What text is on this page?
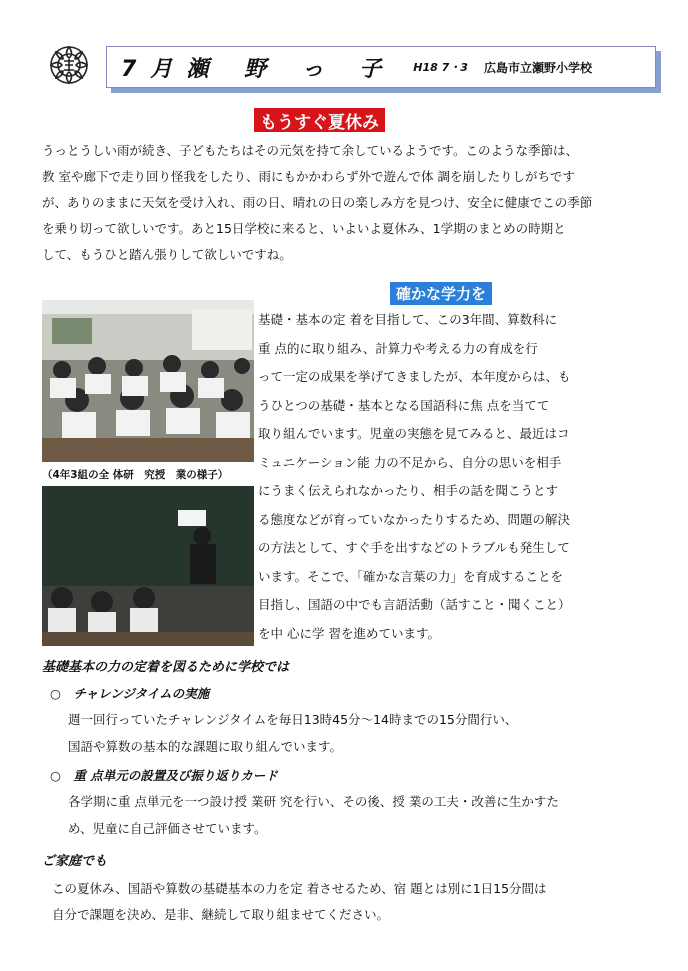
7月瀬 野 っ 子 H18 7・3 広島市立瀬野小学校
もうすぐ夏休み
うっとうしい雨が続き、子どもたちはその元気を持て余しているようです。このような季節は、
教 室や廊下で走り回り怪我をしたり、雨にもかかわらず外で遊んで体 調を崩したりしがちです
が、ありのままに天気を受け入れ、雨の日、晴れの日の楽しみ方を見つけ、安全に健康でこの季節
を乗り切って欲しいです。あと15日学校に来ると、いよいよ夏休み、1学期のまとめの時期と
して、もうひと踏ん張りして欲しいですね。
確かな学力を
（4年3組の全 体研　究授　業の様子）
基礎・基本の定 着を目指して、この3年間、算数科に
重 点的に取り組み、計算力や考える力の育成を行
って一定の成果を挙げてきましたが、本年度からは、も
うひとつの基礎・基本となる国語科に焦 点を当てて
取り組んでいます。児童の実態を見てみると、最近はコ
ミュニケーション能 力の不足から、自分の思いを相手
にうまく伝えられなかったり、相手の話を聞こうとす
る態度などが育っていなかったりするため、問題の解決
の方法として、すぐ手を出すなどのトラブルも発生して
います。そこで、「確かな言葉の力」を育成することを
目指し、国語の中でも言語活動（話すこと・聞くこと）
を中 心に学 習を進めています。
基礎基本の力の定着を図るために学校では
○　チャレンジタイムの実施
週一回行っていたチャレンジタイムを毎日13時45分〜14時までの15分間行い、
国語や算数の基本的な課題に取り組んでいます。
○　重 点単元の設置及び振り返りカード
各学期に重 点単元を一つ設け授 業研 究を行い、その後、授 業の工夫・改善に生かすた
め、児童に自己評価させています。
ご家庭でも
この夏休み、国語や算数の基礎基本の力を定 着させるため、宿 題とは別に1日15分間は
自分で課題を決め、是非、継続して取り組ませてください。
